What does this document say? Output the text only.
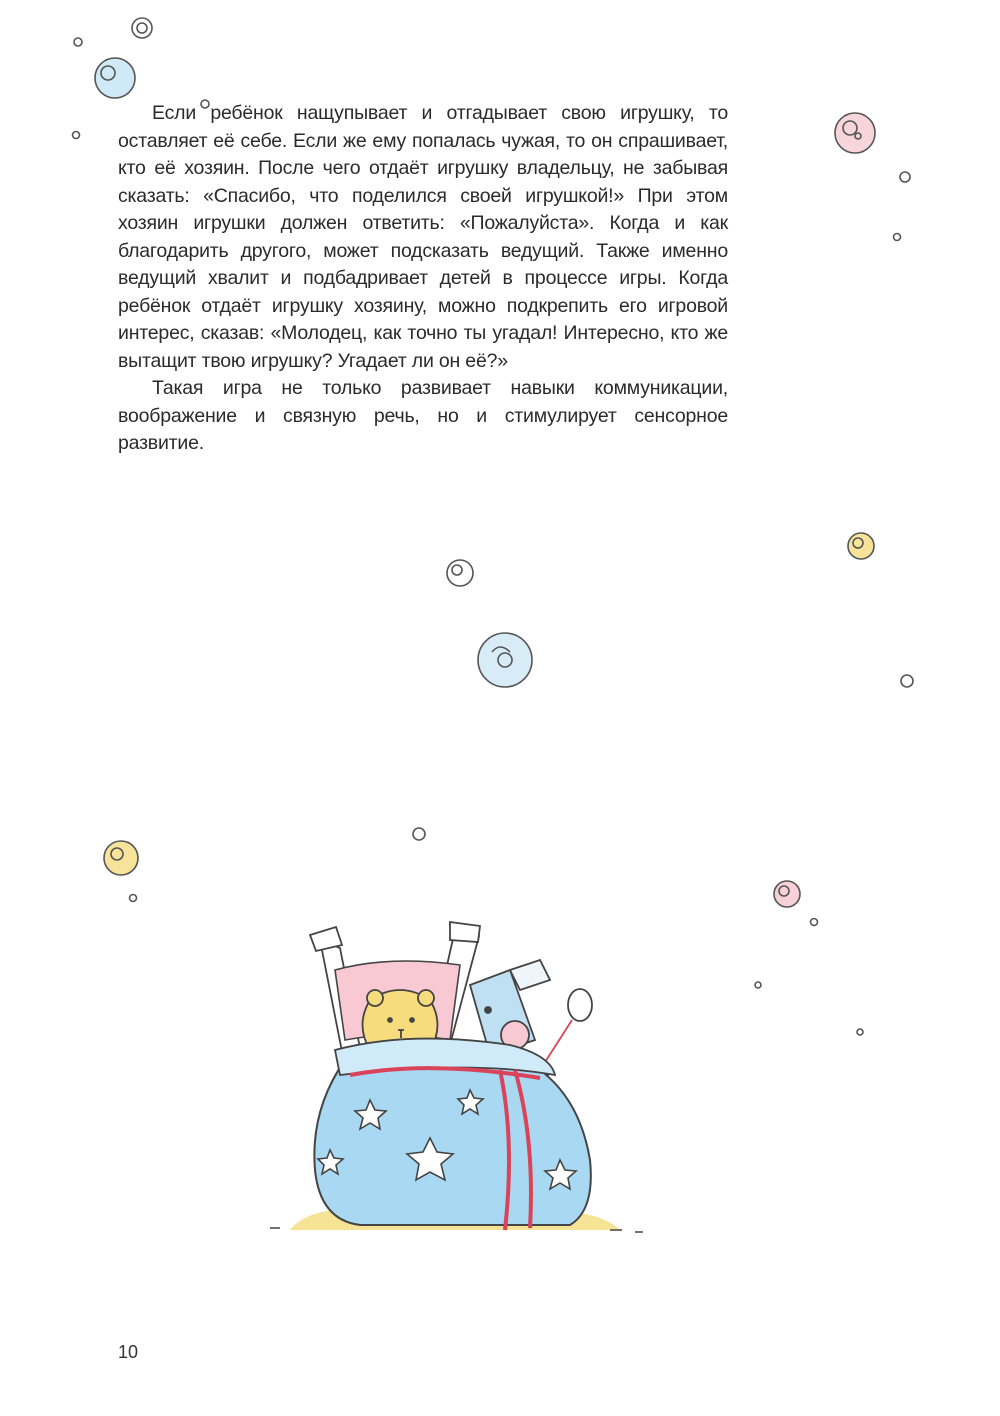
Если ребёнок нащупывает и отгадывает свою игрушку, то оставляет её себе. Если же ему попалась чужая, то он спрашивает, кто её хозяин. После чего отдаёт игрушку владельцу, не забывая сказать: «Спасибо, что поделился своей игрушкой!» При этом хозяин игрушки должен ответить: «Пожалуйста». Когда и как благодарить другого, может подсказать ведущий. Также именно ведущий хвалит и подбадривает детей в процессе игры. Когда ребёнок отдаёт игрушку хозяину, можно подкрепить его игровой интерес, сказав: «Молодец, как точно ты угадал! Интересно, кто же вытащит твою игрушку? Угадает ли он её?»

Такая игра не только развивает навыки коммуникации, воображение и связную речь, но и стимулирует сенсорное развитие.

10
